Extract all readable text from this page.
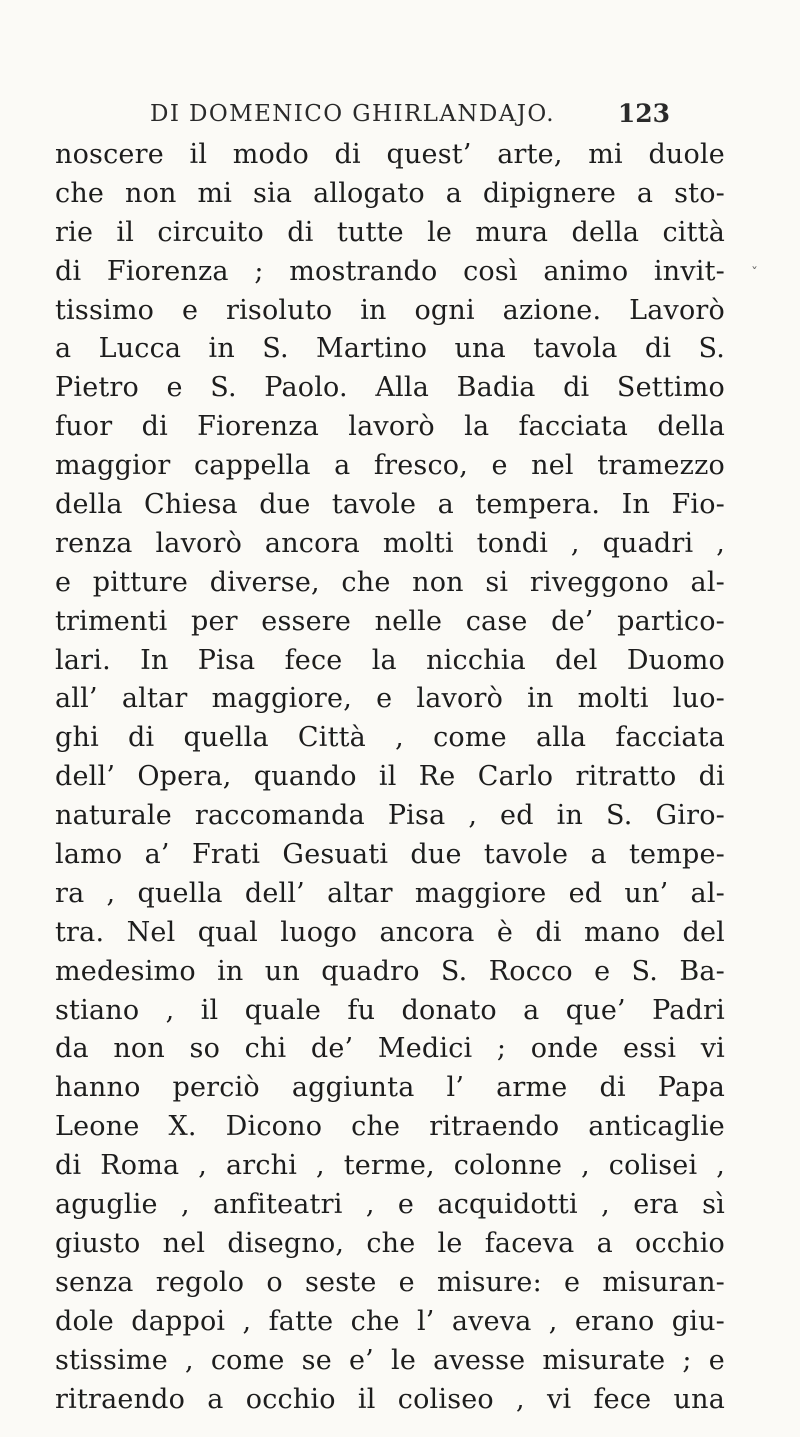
DI DOMENICO GHIRLANDAJO.	123
ˇ
noscere il modo di quest’ arte, mi duole
che non mi sia allogato a dipignere a sto-
rie il circuito di tutte le mura della città
di Fiorenza ; mostrando così animo invit-
tissimo e risoluto in ogni azione. Lavorò
a Lucca in S. Martino una tavola di S.
Pietro e S. Paolo. Alla Badia di Settimo
fuor di Fiorenza lavorò la facciata della
maggior cappella a fresco, e nel tramezzo
della Chiesa due tavole a tempera. In Fio-
renza lavorò ancora molti tondi , quadri ,
e pitture diverse, che non si riveggono al-
trimenti per essere nelle case de’ partico-
lari. In Pisa fece la nicchia del Duomo
all’ altar maggiore, e lavorò in molti luo-
ghi di quella Città , come alla facciata
dell’ Opera, quando il Re Carlo ritratto di
naturale raccomanda Pisa , ed in S. Giro-
lamo a’ Frati Gesuati due tavole a tempe-
ra , quella dell’ altar maggiore ed un’ al-
tra. Nel qual luogo ancora è di mano del
medesimo in un quadro S. Rocco e S. Ba-
stiano , il quale fu donato a que’ Padri
da non so chi de’ Medici ; onde essi vi
hanno perciò aggiunta l’ arme di Papa
Leone X. Dicono che ritraendo anticaglie
di Roma , archi , terme, colonne , colisei ,
aguglie , anfiteatri , e acquidotti , era sì
giusto nel disegno, che le faceva a occhio
senza regolo o seste e misure: e misuran-
dole dappoi , fatte che l’ aveva , erano giu-
stissime , come se e’ le avesse misurate ; e
ritraendo a occhio il coliseo , vi fece una
